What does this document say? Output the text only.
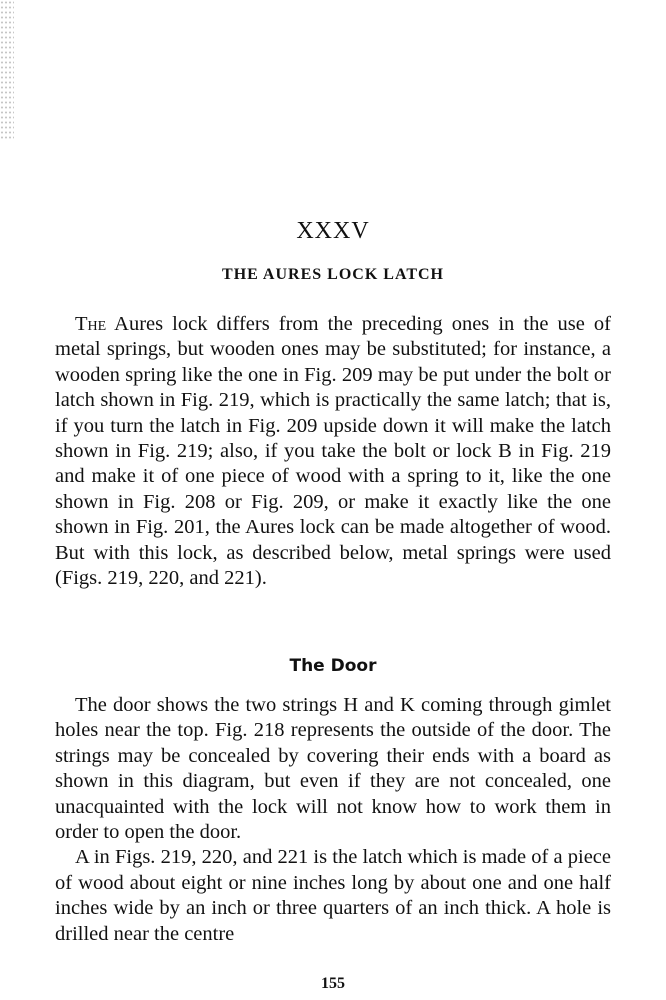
XXXV
THE AURES LOCK LATCH

The Aures lock differs from the preceding ones in the use of metal springs, but wooden ones may be substituted; for instance, a wooden spring like the one in Fig. 209 may be put under the bolt or latch shown in Fig. 219, which is practically the same latch; that is, if you turn the latch in Fig. 209 upside down it will make the latch shown in Fig. 219; also, if you take the bolt or lock B in Fig. 219 and make it of one piece of wood with a spring to it, like the one shown in Fig. 208 or Fig. 209, or make it exactly like the one shown in Fig. 201, the Aures lock can be made altogether of wood. But with this lock, as described below, metal springs were used (Figs. 219, 220, and 221).

The Door

The door shows the two strings H and K coming through gimlet holes near the top. Fig. 218 represents the outside of the door. The strings may be concealed by covering their ends with a board as shown in this diagram, but even if they are not concealed, one unacquainted with the lock will not know how to work them in order to open the door.

A in Figs. 219, 220, and 221 is the latch which is made of a piece of wood about eight or nine inches long by about one and one half inches wide by an inch or three quarters of an inch thick. A hole is drilled near the centre

155
